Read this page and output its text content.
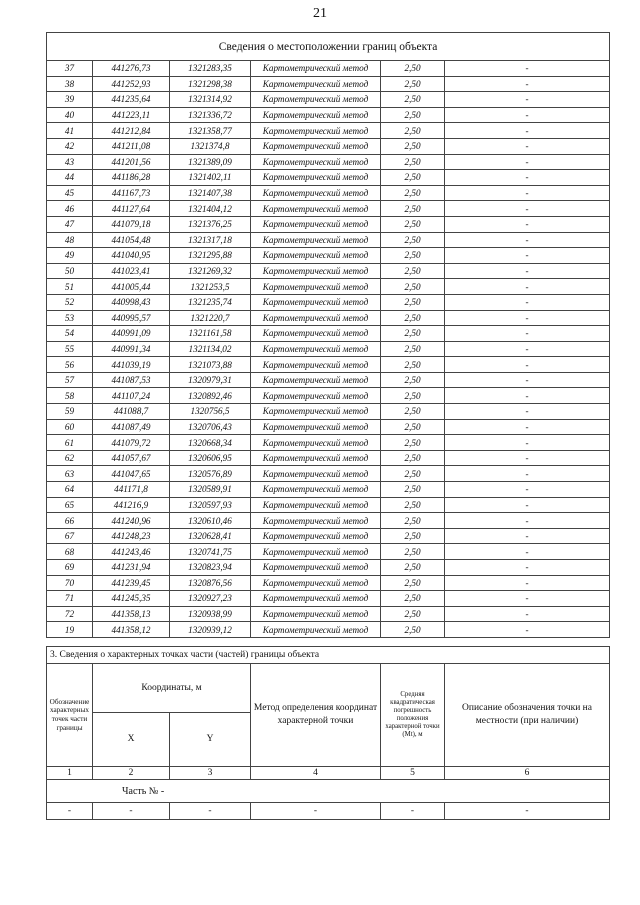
21
Сведения о местоположении границ объекта					
37	441276,73	1321283,35	Картометрический метод	2,50	-
38	441252,93	1321298,38	Картометрический метод	2,50	-
39	441235,64	1321314,92	Картометрический метод	2,50	-
40	441223,11	1321336,72	Картометрический метод	2,50	-
41	441212,84	1321358,77	Картометрический метод	2,50	-
42	441211,08	1321374,8	Картометрический метод	2,50	-
43	441201,56	1321389,09	Картометрический метод	2,50	-
44	441186,28	1321402,11	Картометрический метод	2,50	-
45	441167,73	1321407,38	Картометрический метод	2,50	-
46	441127,64	1321404,12	Картометрический метод	2,50	-
47	441079,18	1321376,25	Картометрический метод	2,50	-
48	441054,48	1321317,18	Картометрический метод	2,50	-
49	441040,95	1321295,88	Картометрический метод	2,50	-
50	441023,41	1321269,32	Картометрический метод	2,50	-
51	441005,44	1321253,5	Картометрический метод	2,50	-
52	440998,43	1321235,74	Картометрический метод	2,50	-
53	440995,57	1321220,7	Картометрический метод	2,50	-
54	440991,09	1321161,58	Картометрический метод	2,50	-
55	440991,34	1321134,02	Картометрический метод	2,50	-
56	441039,19	1321073,88	Картометрический метод	2,50	-
57	441087,53	1320979,31	Картометрический метод	2,50	-
58	441107,24	1320892,46	Картометрический метод	2,50	-
59	441088,7	1320756,5	Картометрический метод	2,50	-
60	441087,49	1320706,43	Картометрический метод	2,50	-
61	441079,72	1320668,34	Картометрический метод	2,50	-
62	441057,67	1320606,95	Картометрический метод	2,50	-
63	441047,65	1320576,89	Картометрический метод	2,50	-
64	441171,8	1320589,91	Картометрический метод	2,50	-
65	441216,9	1320597,93	Картометрический метод	2,50	-
66	441240,96	1320610,46	Картометрический метод	2,50	-
67	441248,23	1320628,41	Картометрический метод	2,50	-
68	441243,46	1320741,75	Картометрический метод	2,50	-
69	441231,94	1320823,94	Картометрический метод	2,50	-
70	441239,45	1320876,56	Картометрический метод	2,50	-
71	441245,35	1320927,23	Картометрический метод	2,50	-
72	441358,13	1320938,99	Картометрический метод	2,50	-
19	441358,12	1320939,12	Картометрический метод	2,50	-
3. Сведения о характерных точках части (частей) границы объекта					

Обозначение характерных точек части границы	Координаты, м		Метод определения координат характерной точки	Средняя квадратическая погрешность положения характерной точки (Mt), м	Описание обозначения точки на местности (при наличии)
	X	Y			
1	2	3	4	5	6
Часть № -					
-	-	-	-	-	-
